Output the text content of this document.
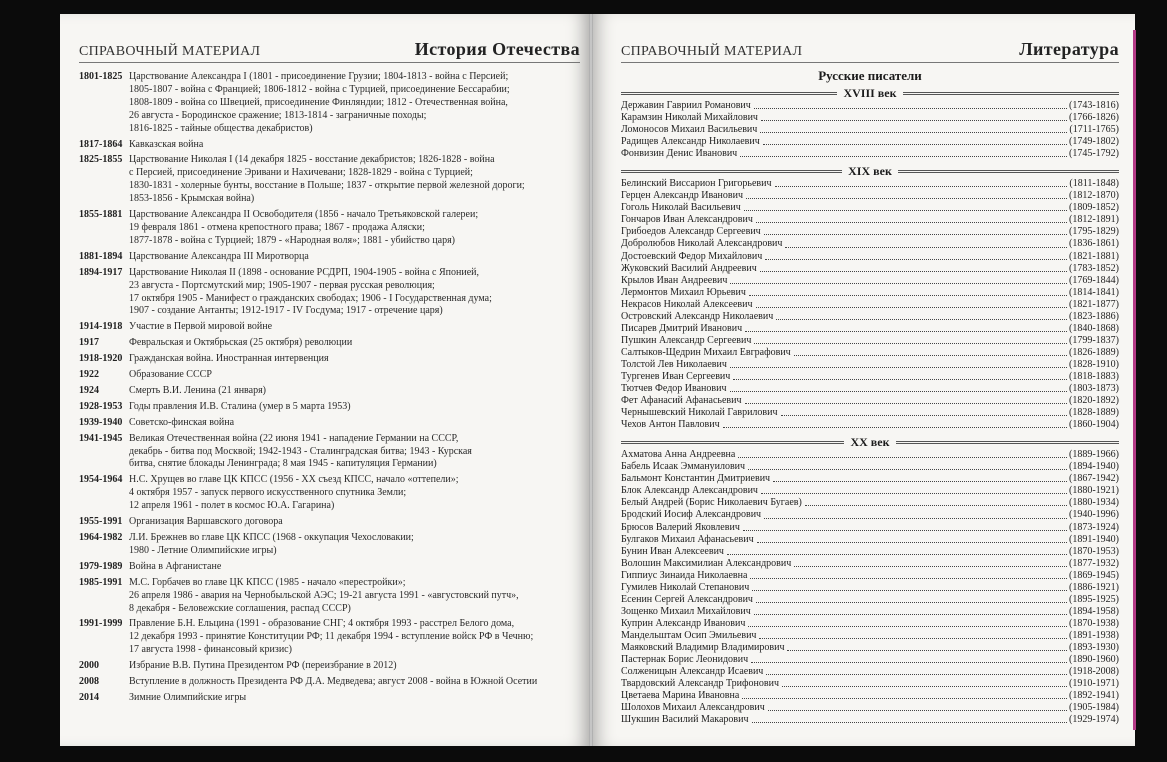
СПРАВОЧНЫЙ МАТЕРИАЛ	История Отечества
1801-1825 Царствование Александра I (1801 - присоединение Грузии; 1804-1813 - война с Персией;
1805-1807 - война с Францией; 1806-1812 - война с Турцией, присоединение Бессарабии;
1808-1809 - война со Швецией, присоединение Финляндии; 1812 - Отечественная война,
26 августа - Бородинское сражение; 1813-1814 - заграничные походы;
1816-1825 - тайные общества декабристов)
1817-1864 Кавказская война
1825-1855 Царствование Николая I (14 декабря 1825 - восстание декабристов; 1826-1828 - война
с Персией, присоединение Эривани и Нахичевани; 1828-1829 - война с Турцией;
1830-1831 - холерные бунты, восстание в Польше; 1837 - открытие первой железной дороги;
1853-1856 - Крымская война)
1855-1881 Царствование Александра II Освободителя (1856 - начало Третьяковской галереи;
19 февраля 1861 - отмена крепостного права; 1867 - продажа Аляски;
1877-1878 - война с Турцией; 1879 - «Народная воля»; 1881 - убийство царя)
1881-1894 Царствование Александра III Миротворца
1894-1917 Царствование Николая II (1898 - основание РСДРП, 1904-1905 - война с Японией,
23 августа - Портсмутский мир; 1905-1907 - первая русская революция;
17 октября 1905 - Манифест о гражданских свободах; 1906 - I Государственная дума;
1907 - создание Антанты; 1912-1917 - IV Госдума; 1917 - отречение царя)
1914-1918 Участие в Первой мировой войне
1917	Февральская и Октябрьская (25 октября) революции
1918-1920 Гражданская война. Иностранная интервенция
1922	Образование СССР
1924	Смерть В.И. Ленина (21 января)
1928-1953 Годы правления И.В. Сталина (умер в 5 марта 1953)
1939-1940 Советско-финская война
1941-1945 Великая Отечественная война (22 июня 1941 - нападение Германии на СССР,
декабрь - битва под Москвой; 1942-1943 - Сталинградская битва; 1943 - Курская
битва, снятие блокады Ленинграда; 8 мая 1945 - капитуляция Германии)
1954-1964 Н.С. Хрущев во главе ЦК КПСС (1956 - XX съезд КПСС, начало «оттепели»;
4 октября 1957 - запуск первого искусственного спутника Земли;
12 апреля 1961 - полет в космос Ю.А. Гагарина)
1955-1991 Организация Варшавского договора
1964-1982 Л.И. Брежнев во главе ЦК КПСС (1968 - оккупация Чехословакии;
1980 - Летние Олимпийские игры)
1979-1989 Война в Афганистане
1985-1991 М.С. Горбачев во главе ЦК КПСС (1985 - начало «перестройки»;
26 апреля 1986 - авария на Чернобыльской АЭС; 19-21 августа 1991 - «августовский путч»,
8 декабря - Беловежские соглашения, распад СССР)
1991-1999 Правление Б.Н. Ельцина (1991 - образование СНГ; 4 октября 1993 - расстрел Белого дома,
12 декабря 1993 - принятие Конституции РФ; 11 декабря 1994 - вступление войск РФ в Чечню;
17 августа 1998 - финансовый кризис)
2000	Избрание В.В. Путина Президентом РФ (переизбрание в 2012)
2008	Вступление в должность Президента РФ Д.А. Медведева; август 2008 - война в Южной Осетии
2014	Зимние Олимпийские игры
СПРАВОЧНЫЙ МАТЕРИАЛ	Литература
Русские писатели
XVIII век
Державин Гавриил Романович	(1743-1816)
Карамзин Николай Михайлович	(1766-1826)
Ломоносов Михаил Васильевич	(1711-1765)
Радищев Александр Николаевич	(1749-1802)
Фонвизин Денис Иванович	(1745-1792)
XIX век
Белинский Виссарион Григорьевич	(1811-1848)
Герцен Александр Иванович	(1812-1870)
Гоголь Николай Васильевич	(1809-1852)
Гончаров Иван Александрович	(1812-1891)
Грибоедов Александр Сергеевич	(1795-1829)
Добролюбов Николай Александрович	(1836-1861)
Достоевский Федор Михайлович	(1821-1881)
Жуковский Василий Андреевич	(1783-1852)
Крылов Иван Андреевич	(1769-1844)
Лермонтов Михаил Юрьевич	(1814-1841)
Некрасов Николай Алексеевич	(1821-1877)
Островский Александр Николаевич	(1823-1886)
Писарев Дмитрий Иванович	(1840-1868)
Пушкин Александр Сергеевич	(1799-1837)
Салтыков-Щедрин Михаил Евграфович	(1826-1889)
Толстой Лев Николаевич	(1828-1910)
Тургенев Иван Сергеевич	(1818-1883)
Тютчев Федор Иванович	(1803-1873)
Фет Афанасий Афанасьевич	(1820-1892)
Чернышевский Николай Гаврилович	(1828-1889)
Чехов Антон Павлович	(1860-1904)
XX век
Ахматова Анна Андреевна	(1889-1966)
Бабель Исаак Эммануилович	(1894-1940)
Бальмонт Константин Дмитриевич	(1867-1942)
Блок Александр Александрович	(1880-1921)
Белый Андрей (Борис Николаевич Бугаев)	(1880-1934)
Бродский Иосиф Александрович	(1940-1996)
Брюсов Валерий Яковлевич	(1873-1924)
Булгаков Михаил Афанасьевич	(1891-1940)
Бунин Иван Алексеевич	(1870-1953)
Волошин Максимилиан Александрович	(1877-1932)
Гиппиус Зинаида Николаевна	(1869-1945)
Гумилев Николай Степанович	(1886-1921)
Есенин Сергей Александрович	(1895-1925)
Зощенко Михаил Михайлович	(1894-1958)
Куприн Александр Иванович	(1870-1938)
Мандельштам Осип Эмильевич	(1891-1938)
Маяковский Владимир Владимирович	(1893-1930)
Пастернак Борис Леонидович	(1890-1960)
Солженицын Александр Исаевич	(1918-2008)
Твардовский Александр Трифонович	(1910-1971)
Цветаева Марина Ивановна	(1892-1941)
Шолохов Михаил Александрович	(1905-1984)
Шукшин Василий Макарович	(1929-1974)
